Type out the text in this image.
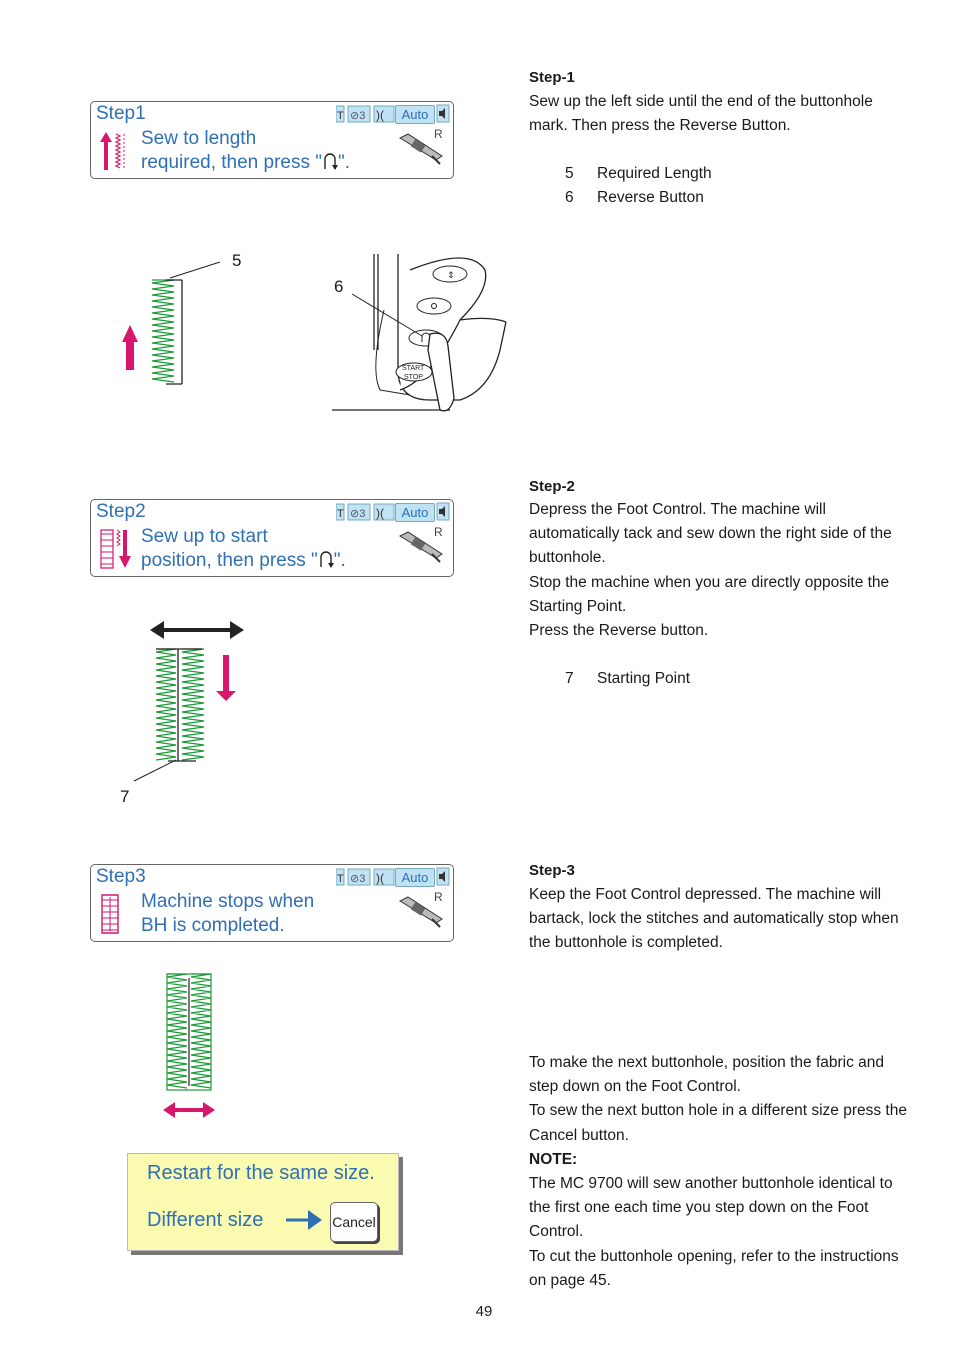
Step-1
Sew up the left side until the end of the buttonhole mark. Then press the Reverse Button.
5 Required Length
6 Reverse Button
Step-2
Depress the Foot Control. The machine will automatically tack and sew down the right side of the buttonhole.
Stop the machine when you are directly opposite the Starting Point.
Press the Reverse button.
7 Starting Point
Step-3
Keep the Foot Control depressed. The machine will bartack, lock the stitches and automatically stop when the buttonhole is completed.
To make the next buttonhole, position the fabric and step down on the Foot Control.
To sew the next button hole in a different size press the Cancel button.
NOTE:
The MC 9700 will sew another buttonhole identical to the first one each time you step down on the Foot Control.
To cut the buttonhole opening, refer to the instructions on page 45.
Step1
Sew to length
required, then press " ".
T ⊘3 )(	Auto
R
Step2
Sew up to start
position, then press " ".
T ⊘3 )(	Auto
R
Step3
Machine stops when
BH is completed.
T ⊘3 )(	Auto
R
5
⇕
START
STOP
6
7
Restart for the same size.
Different size	Cancel
49
